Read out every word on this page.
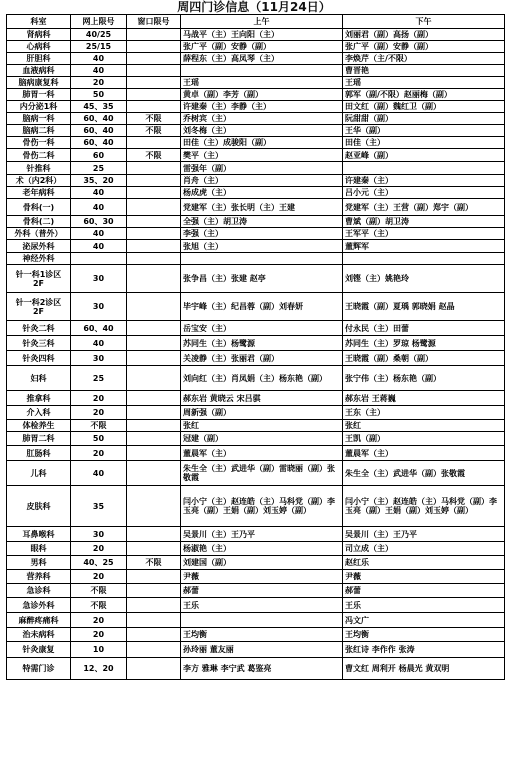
周四门诊信息（11月24日）
科室	网上限号	窗口限号	上午	下午
肾病科	40/25		马战平（主）王向阳（主）	刘丽君（副）高扬（副）
心病科	25/15		张广平（副）安静（副）	张广平（副）安静（副）
肝胆科	40		薛程东（主）高凤琴（主）	李焕芹（主/不限）
血液病科	40			曹晋艳
脑病康复科	20		王瑶	王瑶
肺胃一科	50		黄卓（副）李芳（副）	郭军（副/不限）赵丽梅（副）
内分泌1科	45、35		许建秦（主）李静（主）	田文红（副）魏红卫（副）
脑病一科	60、40	不限	乔树宾（主）	阮甜甜（副）
脑病二科	60、40	不限	刘冬梅（主）	王华（副）
骨伤一科	60、40		田佳（主）成骏阳（副）	田佳（主）
骨伤二科	60	不限	樊平（主）	赵亚峰（副）
针推科	25		雷强年（副）	
术（内2科）	35、20		肖舟（主）	许建秦（主）
老年病科	40		杨成虎（主）	吕小元（主）
骨科(一)	40		党建军（主）张长明（主）王建	党建军（主）王营（副）郑宇（副）
骨科(二)	60、30		全强（主）胡卫涛	曹斌（副）胡卫涛
外科（普外）	40		李强（主）	王军平（主）
泌尿外科	40		张旭（主）	董辉军
神经外科				
针一科1诊区 2F	30		张争昌（主）张建 赵亭	刘铿（主）姚艳玲
针一科2诊区 2F	30		毕宇峰（主）纪昌蓉（副）刘春妍	王晓霞（副）夏瑀 郭晓娟 赵晶
针灸二科	60、40		岳宝安（主）	付永民（主）田蕾
针灸三科	40		苏同生（主）杨鹭源	苏同生（主）罗琼 杨鹭源
针灸四科	30		关凌静（主）张丽君（副）	王晓霞（副）桑朝（副）
妇科	25		刘向红（主）肖凤娟（主）杨东艳（副）	张宁伟（主）杨东艳（副）
推拿科	20		郝东岩 黄晓云 宋吕骐	郝东岩 王蒋巍
介入科	20		周新强（副）	王东（主）
体检养生	不限		张红	张红
肺胃二科	50		冠建（副）	王凯（副）
肛肠科	20		董晨军（主）	董晨军（主）
儿科	40		朱生全（主）武进华（副）雷晓丽（副）张敬霞	朱生全（主）武进华（副）张敬霞
皮肤科	35		闫小宁（主）赵连皓（主）马科党（副）李玉亮（副）王娟（副）刘玉婷（副）	闫小宁（主）赵连皓（主）马科党（副）李玉亮（副）王娟（副）刘玉婷（副）
耳鼻喉科	30		吴景川（主）王乃平	吴景川（主）王乃平
眼科	20		杨淑艳（主）	司立成（主）
男科	40、25	不限	刘建国（副）	赵红乐
营养科	20		尹薇	尹薇
急诊科	不限		郝蕾	郝蕾
急诊外科	不限		王乐	王乐
麻醉疼痛科	20			冯文广
治未病科	20		王均衡	王均衡
针灸康复	10		孙玲丽 董友丽	张红诗 李作作 张涛
特需门诊	12、20		李方 雅琳 李宁武 葛鉴亮	曹文红 周利开 杨晨光 黄双明
